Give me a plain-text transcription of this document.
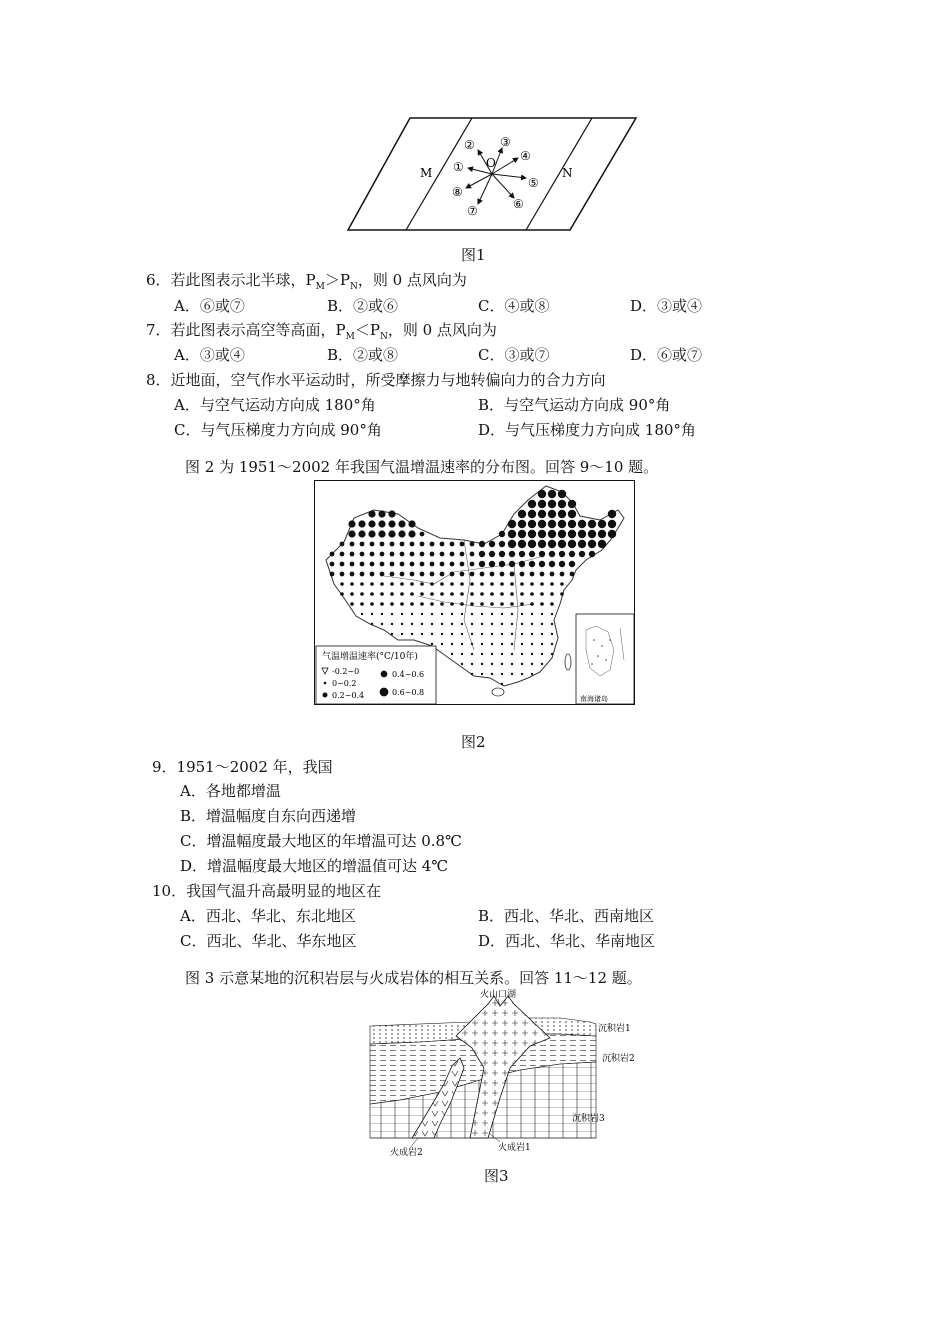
M	N
O
①
② ③
④
⑤
⑥
⑦
⑧
图1
6．若此图表示北半球，$P_M>P_N$，则 0 点风向为
A．⑥或⑦	B．②或⑥	C．④或⑧	D．③或④
7．若此图表示高空等高面，$P_M<P_N$，则 0 点风向为
A．③或④	B．②或⑧	C．③或⑦	D．⑥或⑦
8．近地面，空气作水平运动时，所受摩擦力与地转偏向力的合力方向
A．与空气运动方向成 180°角	B．与空气运动方向成 90°角
C．与气压梯度力方向成 90°角	D．与气压梯度力方向成 180°角
图 2 为 1951～2002 年我国气温增温速率的分布图。回答 9～10 题。
气温增温速率(°C/10年)
-0.2~0
0~0.2
0.2~0.4
0.4~0.6
0.6~0.8
南海诸岛
图2
9．1951～2002 年，我国
A．各地都增温
B．增温幅度自东向西递增
C．增温幅度最大地区的年增温可达 0.8℃
D．增温幅度最大地区的增温值可达 4℃
10．我国气温升高最明显的地区在
A．西北、华北、东北地区	B．西北、华北、西南地区
C．西北、华北、华东地区	D．西北、华北、华南地区
图 3 示意某地的沉积岩层与火成岩体的相互关系。回答 11～12 题。
火山口湖
沉积岩1
沉积岩2
沉积岩3
火成岩1
火成岩2
图3
